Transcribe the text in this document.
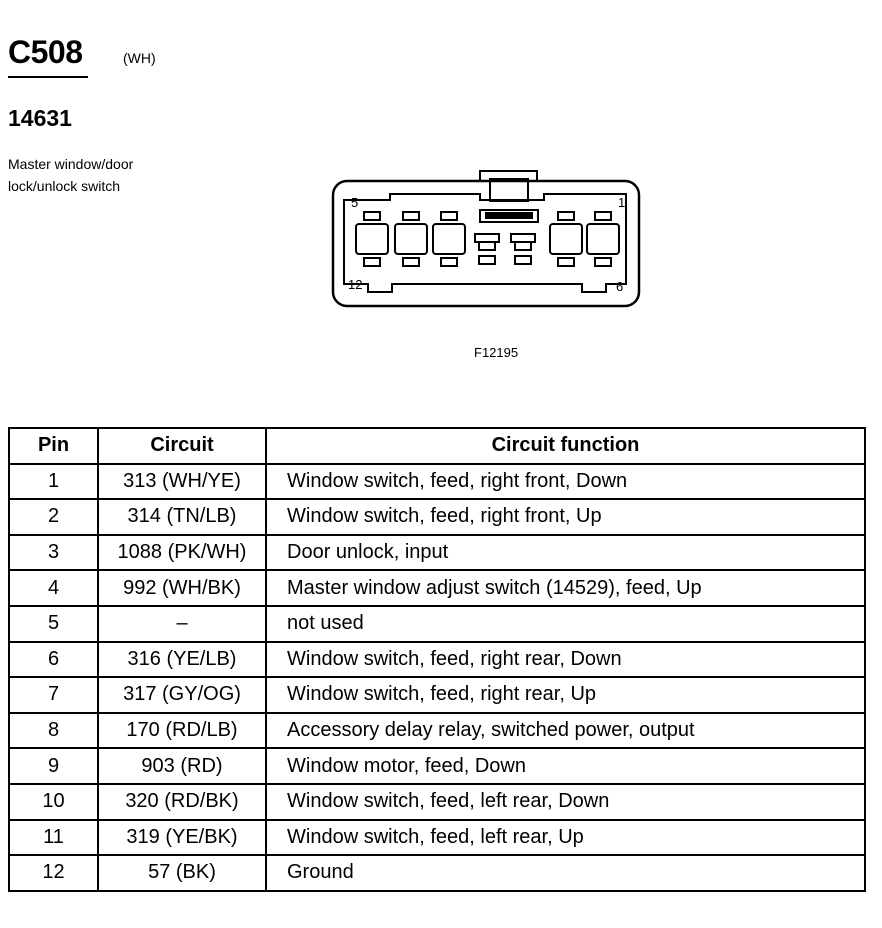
C508	(WH)
14631
Master window/door
lock/unlock switch
5	1
12	6
F12195
Pin	Circuit	Circuit function
1	313 (WH/YE)	Window switch, feed, right front, Down
2	314 (TN/LB)	Window switch, feed, right front, Up
3	1088 (PK/WH)	Door unlock, input
4	992 (WH/BK)	Master window adjust switch (14529), feed, Up
5	–	not used
6	316 (YE/LB)	Window switch, feed, right rear, Down
7	317 (GY/OG)	Window switch, feed, right rear, Up
8	170 (RD/LB)	Accessory delay relay, switched power, output
9	903 (RD)	Window motor, feed, Down
10	320 (RD/BK)	Window switch, feed, left rear, Down
11	319 (YE/BK)	Window switch, feed, left rear, Up
12	57 (BK)	Ground
